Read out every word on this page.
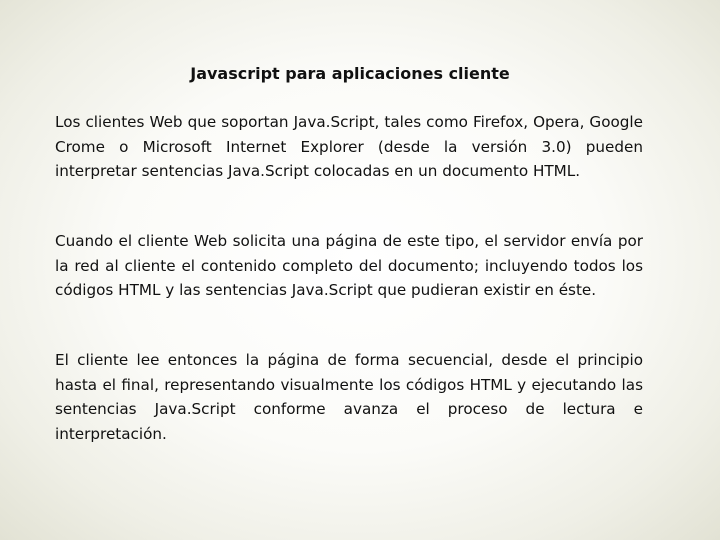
Javascript para aplicaciones cliente

Los clientes Web que soportan Java.Script, tales como Firefox, Opera, Google Crome o Microsoft Internet Explorer (desde la versión 3.0) pueden interpretar sentencias Java.Script colocadas en un documento HTML.

Cuando el cliente Web solicita una página de este tipo, el servidor envía por la red al cliente el contenido completo del documento; incluyendo todos los códigos HTML y las sentencias Java.Script que pudieran existir en éste.

El cliente lee entonces la página de forma secuencial, desde el principio hasta el final, representando visualmente los códigos HTML y ejecutando las sentencias Java.Script conforme avanza el proceso de lectura e interpretación.
